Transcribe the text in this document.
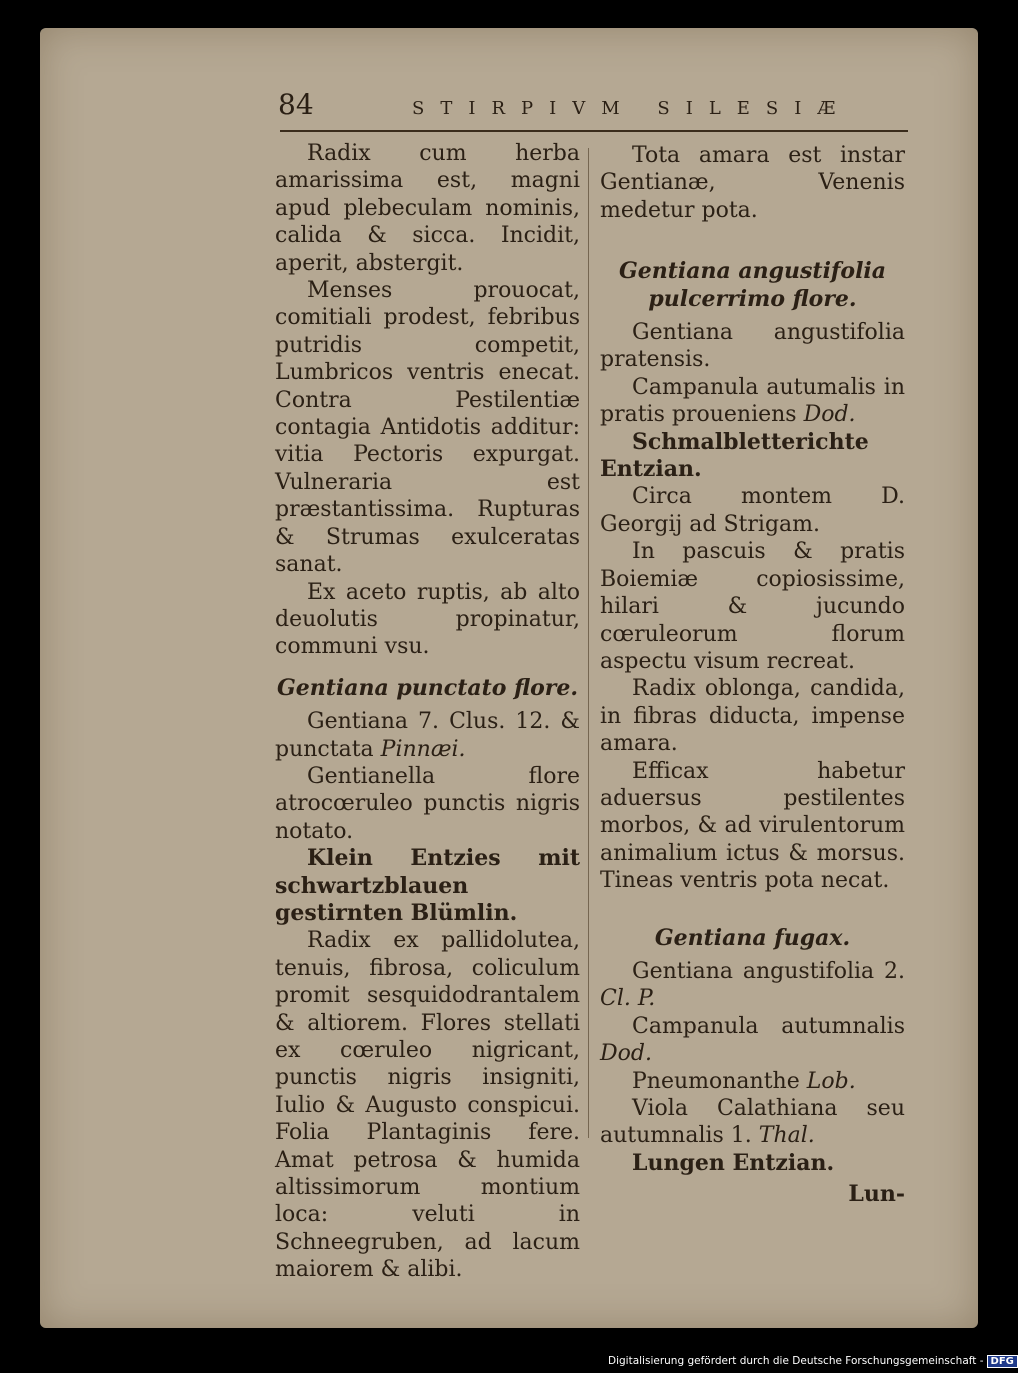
84	STIRPIVM SILESIÆ

Radix cum herba amarissima est, magni apud plebeculam nominis, calida & sicca. Incidit, aperit, abstergit.

Menses prouocat, comitiali prodest, febribus putridis competit, Lumbricos ventris enecat. Contra Pestilentiæ contagia Antidotis additur: vitia Pectoris expurgat. Vulneraria est præstantissima. Rupturas & Strumas exulceratas sanat.

Ex aceto ruptis, ab alto deuolutis propinatur, communi vsu.

Gentiana punctato flore.

Gentiana 7. Clus. 12. & punctata Pinnæi.

Gentianella flore atrocœruleo punctis nigris notato.

Klein Entzies mit schwartzblauen gestirnten Blümlin.

Radix ex pallidolutea, tenuis, fibrosa, coliculum promit sesquidodrantalem & altiorem. Flores stellati ex cœruleo nigricant, punctis nigris insigniti, Iulio & Augusto conspicui. Folia Plantaginis fere. Amat petrosa & humida altissimorum montium loca: veluti in Schneegruben, ad lacum maiorem & alibi.

Tota amara est instar Gentianæ, Venenis medetur pota.

Gentiana angustifolia pulcerrimo flore.

Gentiana angustifolia pratensis.

Campanula autumalis in pratis proueniens Dod.

Schmalbletterichte Entzian.

Circa montem D. Georgij ad Strigam.

In pascuis & pratis Boiemiæ copiosissime, hilari & jucundo cœruleorum florum aspectu visum recreat.

Radix oblonga, candida, in fibras diducta, impense amara.

Efficax habetur aduersus pestilentes morbos, & ad virulentorum animalium ictus & morsus. Tineas ventris pota necat.

Gentiana fugax.

Gentiana angustifolia 2. Cl. P.

Campanula autumnalis Dod.

Pneumonanthe Lob.

Viola Calathiana seu autumnalis 1. Thal.

Lungen Entzian.

Lun-

Digitalisierung gefördert durch die Deutsche Forschungsgemeinschaft - DFG
